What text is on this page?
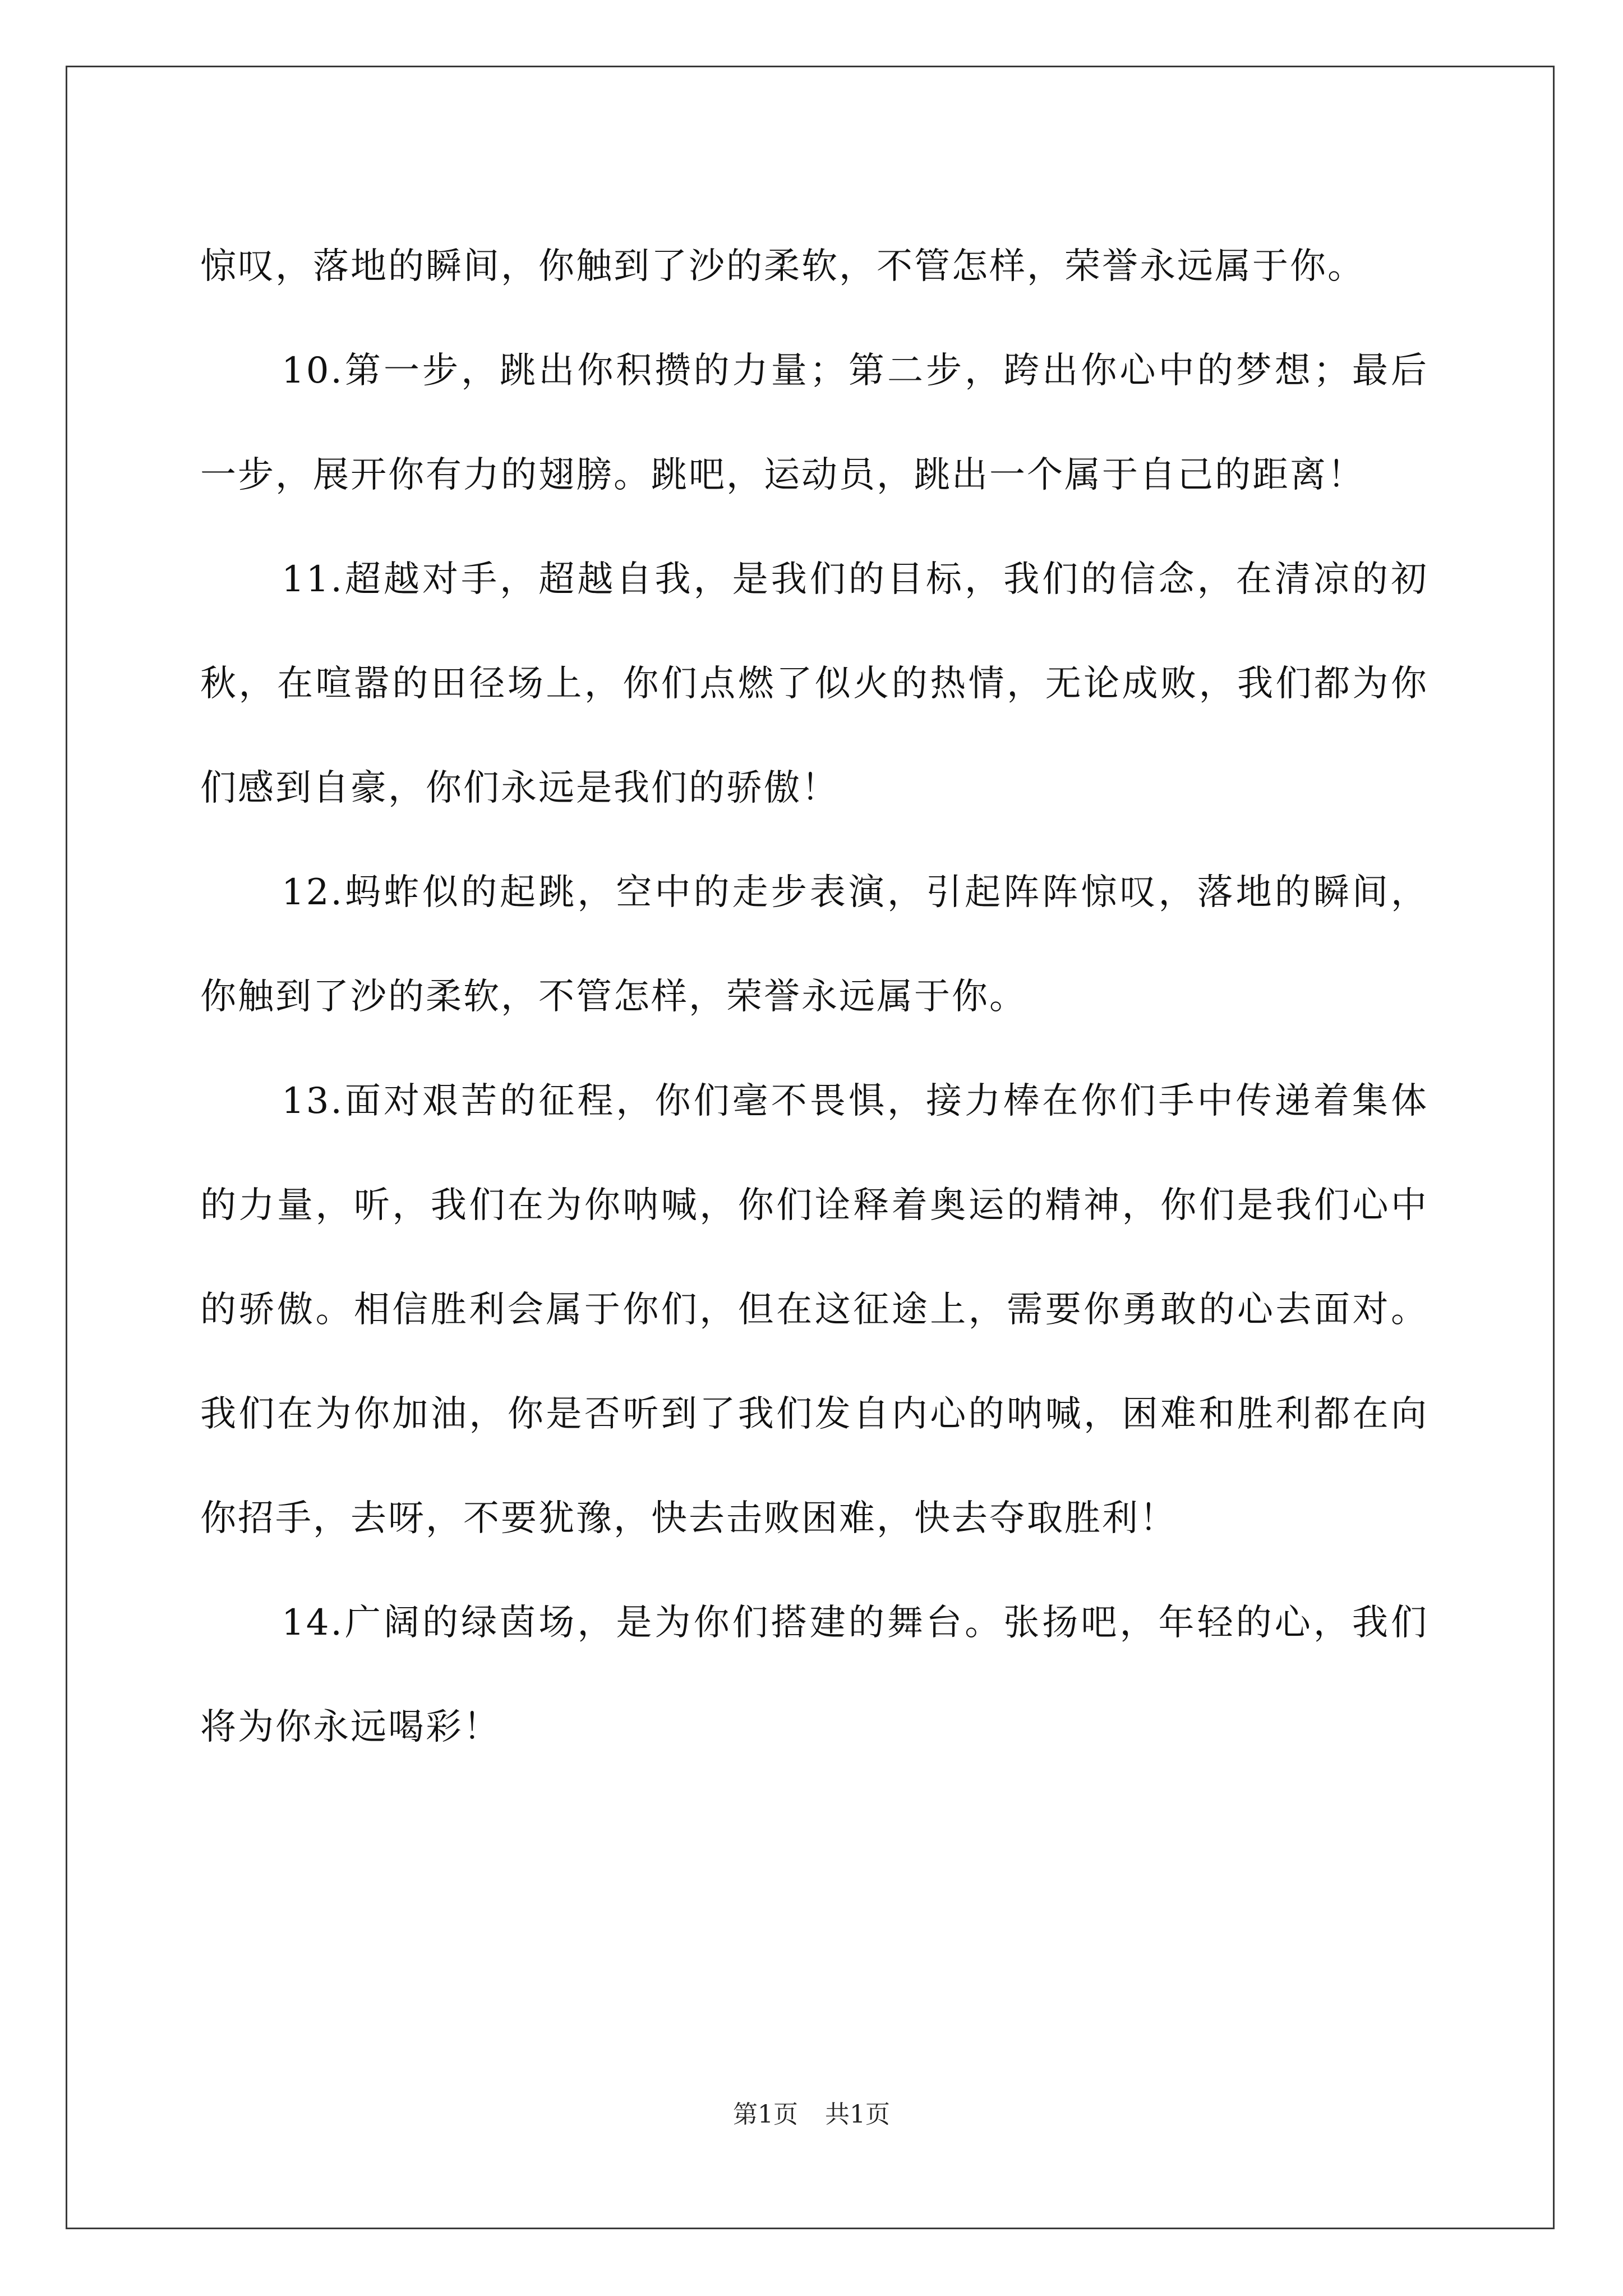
惊叹，落地的瞬间，你触到了沙的柔软，不管怎样，荣誉永远属于你。

10.第一步，跳出你积攒的力量；第二步，跨出你心中的梦想；最后一步，展开你有力的翅膀。跳吧，运动员，跳出一个属于自己的距离！

11.超越对手，超越自我，是我们的目标，我们的信念，在清凉的初秋，在喧嚣的田径场上，你们点燃了似火的热情，无论成败，我们都为你们感到自豪，你们永远是我们的骄傲！

12.蚂蚱似的起跳，空中的走步表演，引起阵阵惊叹，落地的瞬间，你触到了沙的柔软，不管怎样，荣誉永远属于你。

13.面对艰苦的征程，你们毫不畏惧，接力棒在你们手中传递着集体的力量，听，我们在为你呐喊，你们诠释着奥运的精神，你们是我们心中的骄傲。相信胜利会属于你们，但在这征途上，需要你勇敢的心去面对。我们在为你加油，你是否听到了我们发自内心的呐喊，困难和胜利都在向你招手，去呀，不要犹豫，快去击败困难，快去夺取胜利！

14.广阔的绿茵场，是为你们搭建的舞台。张扬吧，年轻的心，我们将为你永远喝彩！

第1页 共1页
